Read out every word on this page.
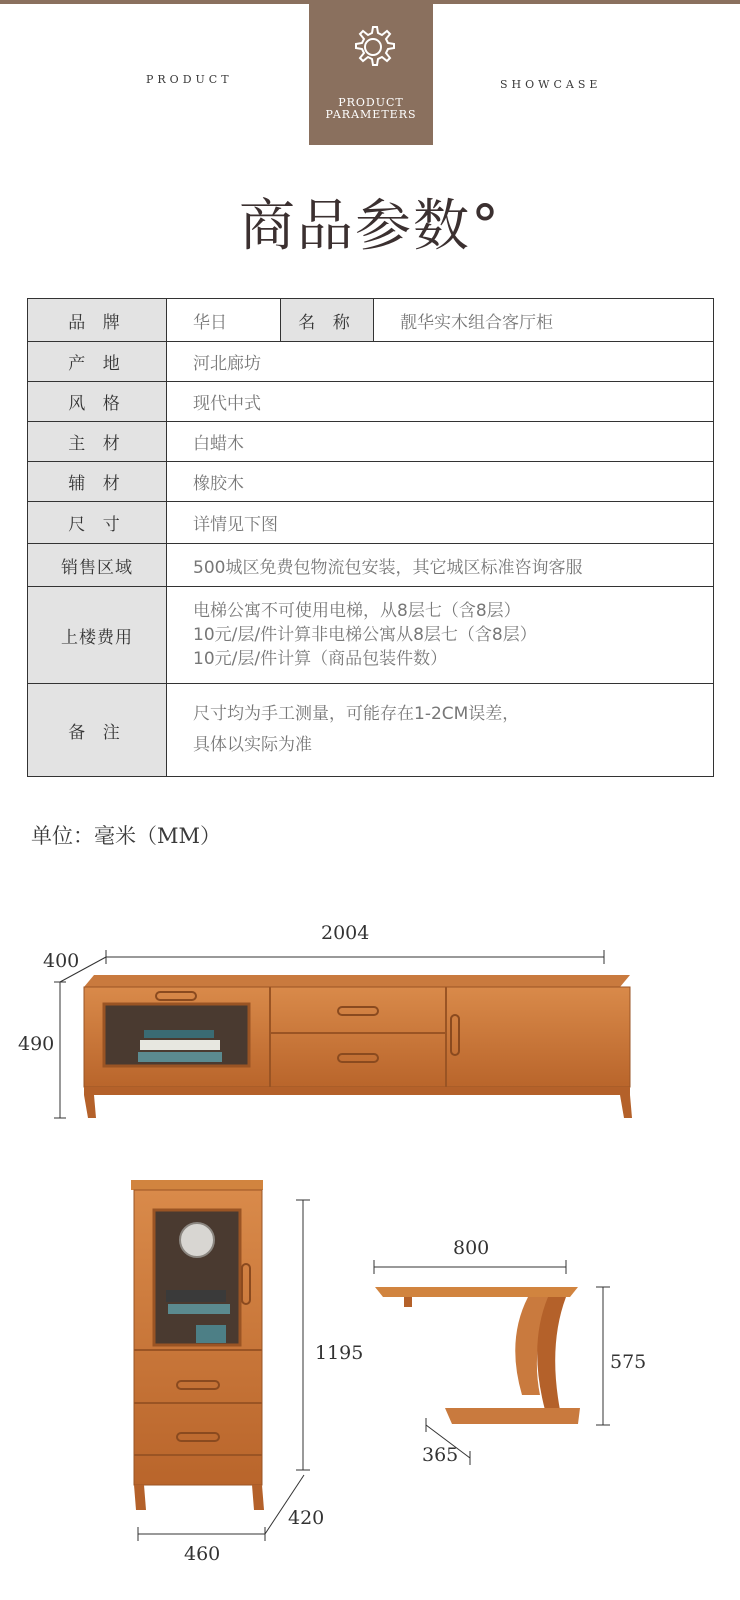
PRODUCT	SHOWCASE
PRODUCT
PARAMETERS
商品参数°
品 牌	华日	名 称	靓华实木组合客厅柜
产 地	河北廊坊		
风 格	现代中式		
主 材	白蜡木		
辅 材	橡胶木		
尺 寸	详情见下图		
销售区域	500城区免费包物流包安装，其它城区标准咨询客服		
上楼费用	电梯公寓不可使用电梯，从8层七（含8层）
10元/层/件计算非电梯公寓从8层七（含8层）
10元/层/件计算（商品包装件数）		

备 注	尺寸均为手工测量，可能存在1-2CM误差，
具体以实际为准		
单位：毫米（MM）
2004
400
490
1195
460
420
800
575
365
